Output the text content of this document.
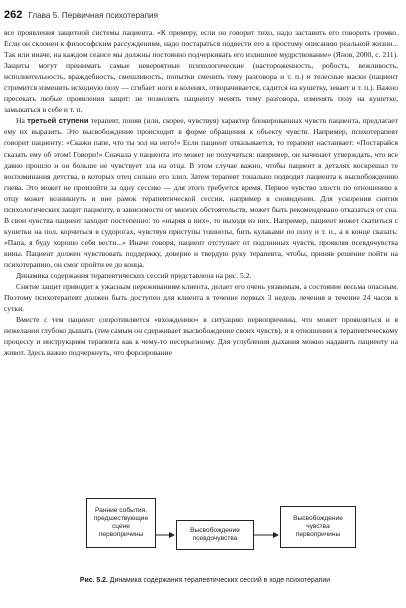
262 Глава 5. Первичная психотерапия

все проявления защитной системы пациента. «К примеру, если он говорит тихо, надо заставить его говорить громко. Если он склонен к философским рассуждениям, надо постараться подвести его к простому описанию реальной жизни... Так или иначе, на каждом сеансе мы должны постоянно подчеркивать его излишнее мудрствование» (Янов, 2000, с. 211). Защиты могут принимать самые невероятные психологические (настороженность, робость, вежливость, исполнительность, враждебность, смешливость, попытки сменить тему разговора и т. п.) и телесные маски (пациент стремится изменить исходную позу — сгибает ноги в коленях, отворачивается, садится на кушетку, зевает и т. п.). Важно пресекать любые проявления защит: не позволять пациенту менять тему разговора, изменять позу на кушетке, замыкаться в себе и т. п.

На третьей ступени терапевт, поняв (или, скорее, чувствуя) характер блокированных чувств пациента, предлагает ему их выразить. Это высвобождение происходит в форме обращения к объекту чувств. Например, психотерапевт говорит пациенту: «Скажи папе, что ты зол на него!» Если пациент отказывается, то терапевт настаивает: «Постарайся сказать ему об этом! Говори!» Сначала у пациента это может не получаться: например, он начинает утверждать, что все давно прошло и он больше не чувствует зла на отца. В этом случае важно, чтобы пациент в деталях воскрешал те воспоминания детства, в которых отец сильно его злил. Затем терапевт тонально подводит пациента к высвобождению гнева. Это может не произойти за одну сессию — для этого требуется время. Первое чувство злости по отношению к отцу может возникнуть и вне рамок терапевтической сессии, например в сновидении. Для ускорения снятия психологических защит пациенту, в зависимости от многих обстоятельств, может быть рекомендовано отказаться от сна. В свои чувства пациент заходит постепенно: то «ныряя в них», то выходя из них. Например, пациент может скатиться с кушетки на пол, корчиться в судорогах, чувствуя приступы тошноты, бить кулаками по полу и т. п., а в конце сказать: «Папа, я буду хорошо себя вести...» Иначе говоря, пациент отступает от подлинных чувств, проявляя псевдочувства вины. Пациент должен чувствовать поддержку, доверие и твердую руку терапевта, чтобы, приняв решение пойти на психотерапию, он смог пройти ее до конца.

Динамика содержания терапевтических сессий представлена на рис. 5.2.

Снятие защит приводит к ужасным переживаниям клиента, делает его очень уязвимым, а состояние весьма опасным. Поэтому психотерапевт должен быть доступен для клиента в течение первых 3 недель лечения в течение 24 часов в сутки.

Вместе с тем пациент сопротивляется «вхождению» в ситуацию первопричины, что может проявляться и в нежелании глубоко дышать (тем самым он сдерживает высвобождение своих чувств), и в отношении к терапевтическому процессу и инструкциям терапевта как к чему-то несерьезному. Для углубления дыхания можно надавить пациенту на живот. Здесь важно подчеркнуть, что форсирование

Ранние события,
предшествующие
сцене
первопричины
Высвобождение
псевдочувства
Высвобождение
чувства
первопричины
Рис. 5.2. Динамика содержания терапевтических сессий в ходе психотерапии
